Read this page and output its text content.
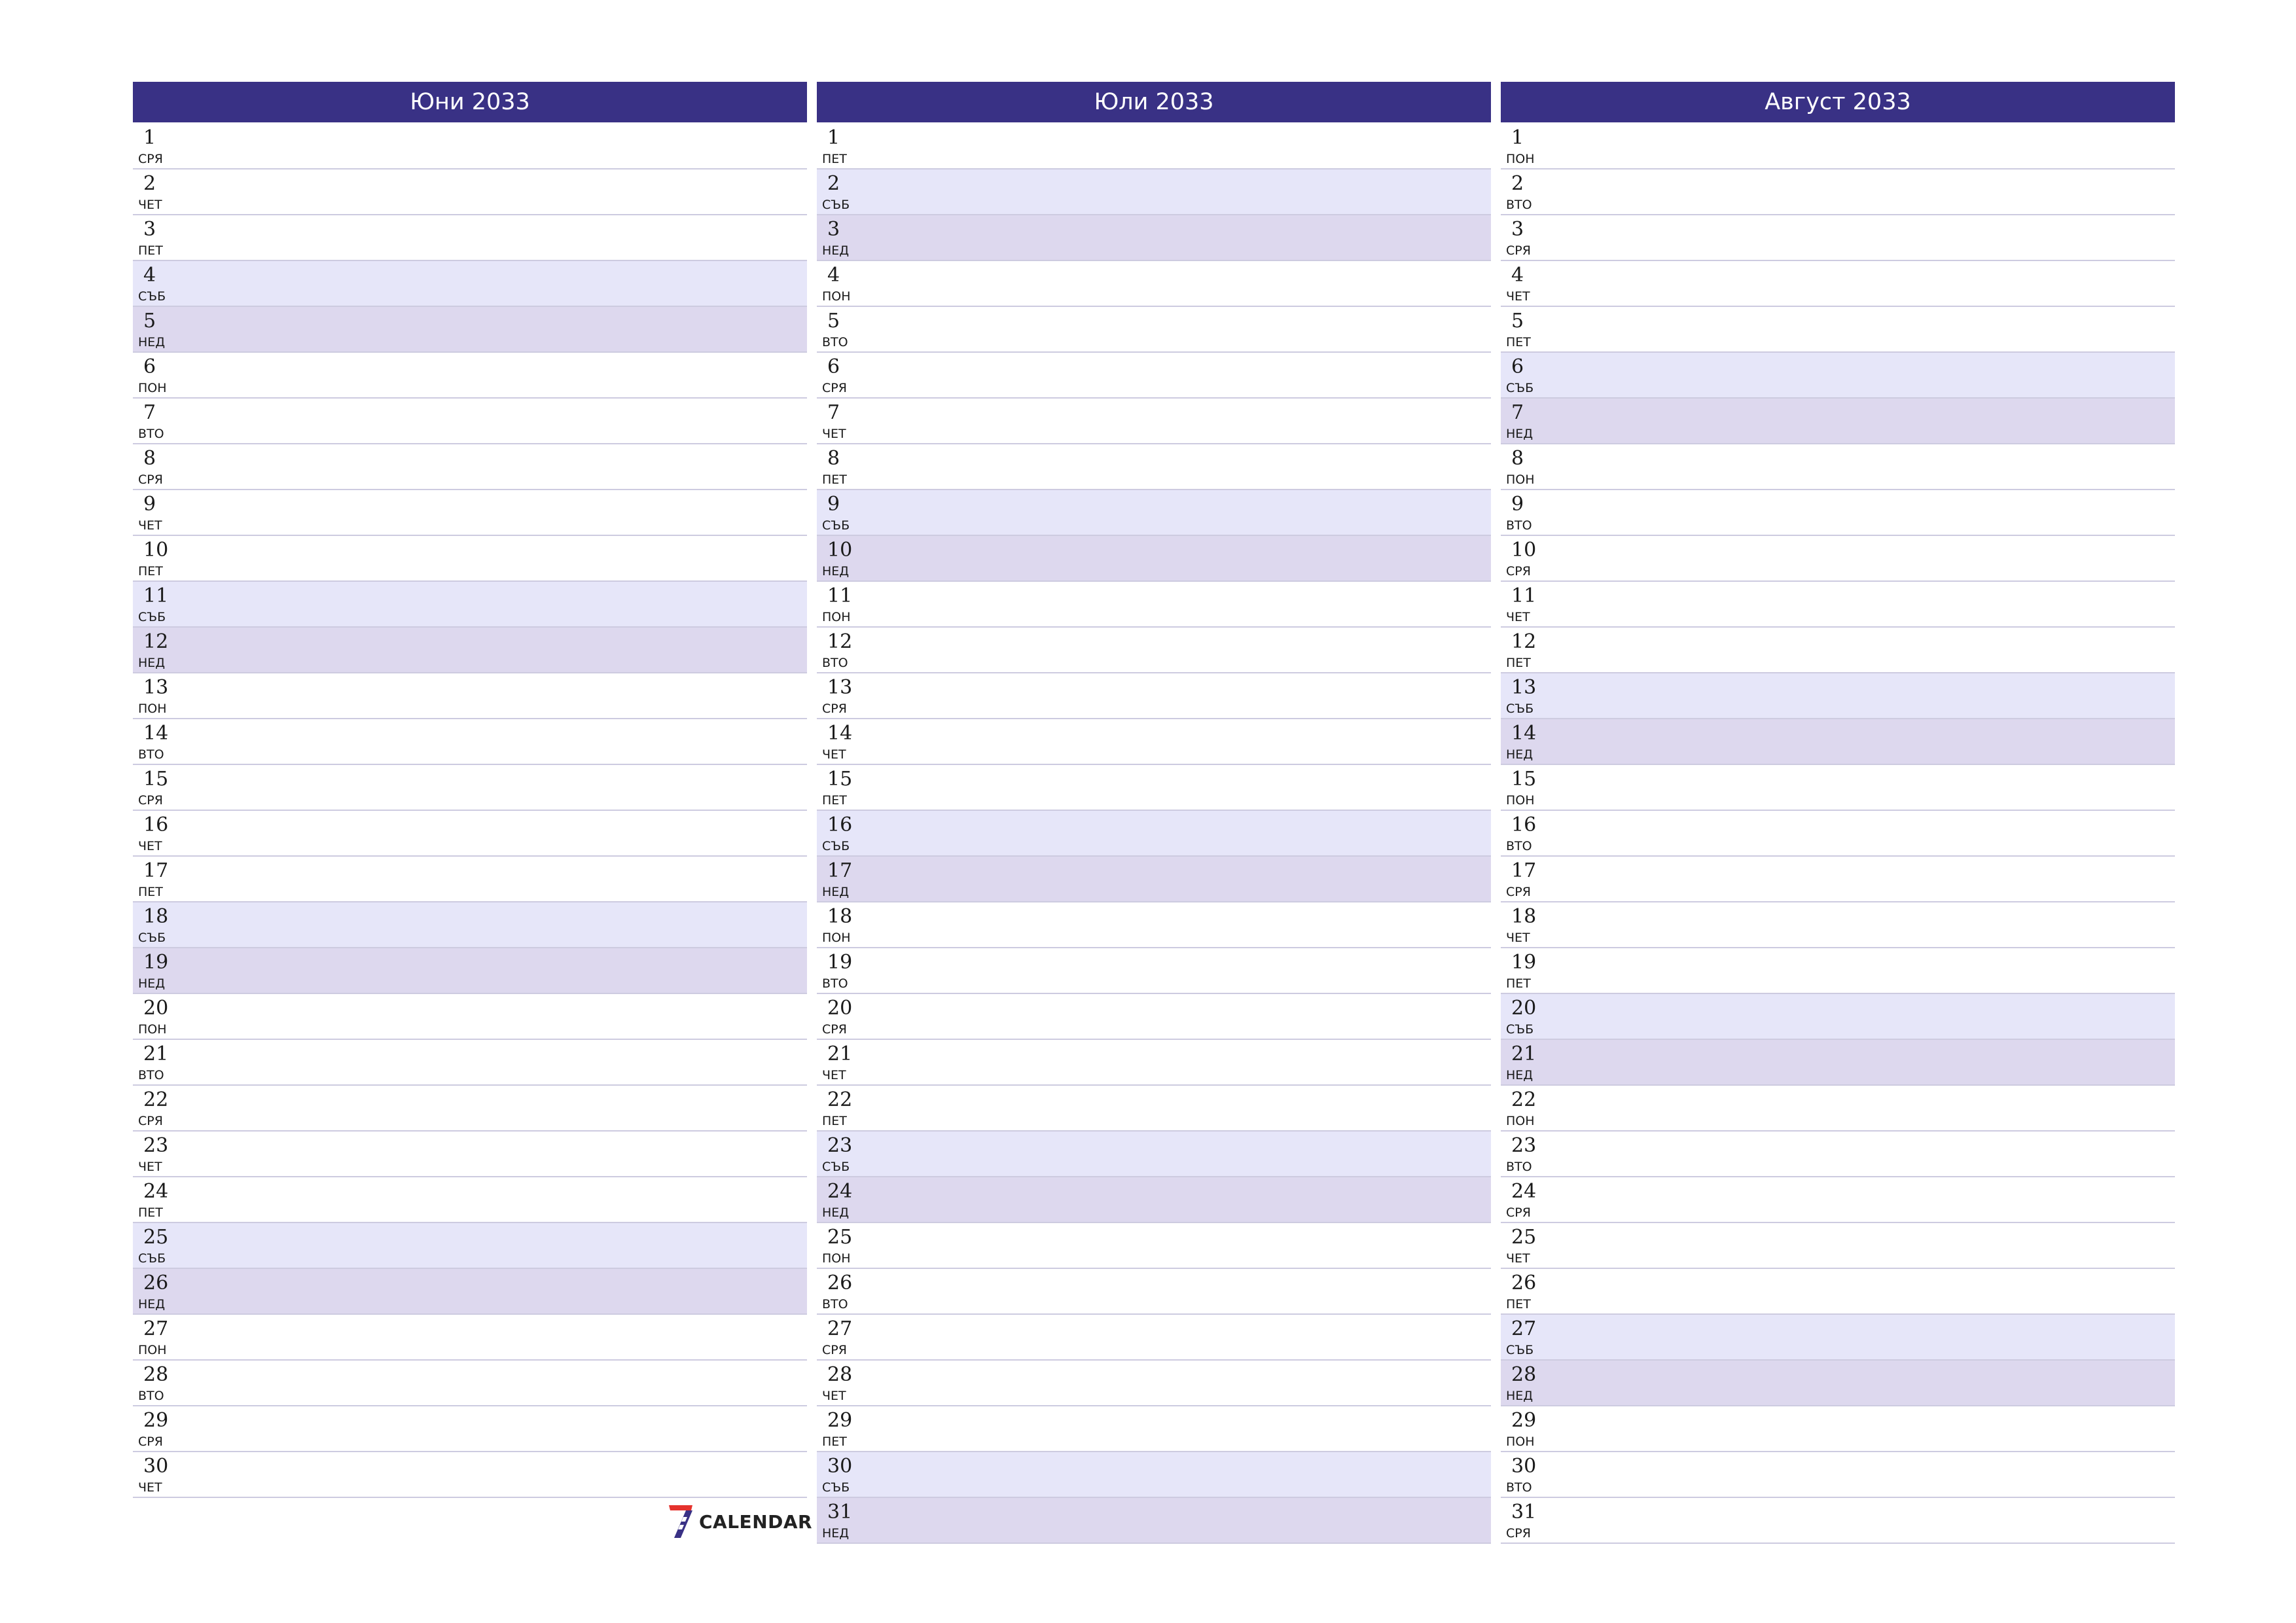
Юни 2033
1
СРЯ
2
ЧЕТ
3
ПЕТ
4
СЪБ
5
НЕД
6
ПОН
7
ВТО
8
СРЯ
9
ЧЕТ
10
ПЕТ
11
СЪБ
12
НЕД
13
ПОН
14
ВТО
15
СРЯ
16
ЧЕТ
17
ПЕТ
18
СЪБ
19
НЕД
20
ПОН
21
ВТО
22
СРЯ
23
ЧЕТ
24
ПЕТ
25
СЪБ
26
НЕД
27
ПОН
28
ВТО
29
СРЯ
30
ЧЕТ
Юли 2033
1
ПЕТ
2
СЪБ
3
НЕД
4
ПОН
5
ВТО
6
СРЯ
7
ЧЕТ
8
ПЕТ
9
СЪБ
10
НЕД
11
ПОН
12
ВТО
13
СРЯ
14
ЧЕТ
15
ПЕТ
16
СЪБ
17
НЕД
18
ПОН
19
ВТО
20
СРЯ
21
ЧЕТ
22
ПЕТ
23
СЪБ
24
НЕД
25
ПОН
26
ВТО
27
СРЯ
28
ЧЕТ
29
ПЕТ
30
СЪБ
31
НЕД
Август 2033
1
ПОН
2
ВТО
3
СРЯ
4
ЧЕТ
5
ПЕТ
6
СЪБ
7
НЕД
8
ПОН
9
ВТО
10
СРЯ
11
ЧЕТ
12
ПЕТ
13
СЪБ
14
НЕД
15
ПОН
16
ВТО
17
СРЯ
18
ЧЕТ
19
ПЕТ
20
СЪБ
21
НЕД
22
ПОН
23
ВТО
24
СРЯ
25
ЧЕТ
26
ПЕТ
27
СЪБ
28
НЕД
29
ПОН
30
ВТО
31
СРЯ
CALENDAR
